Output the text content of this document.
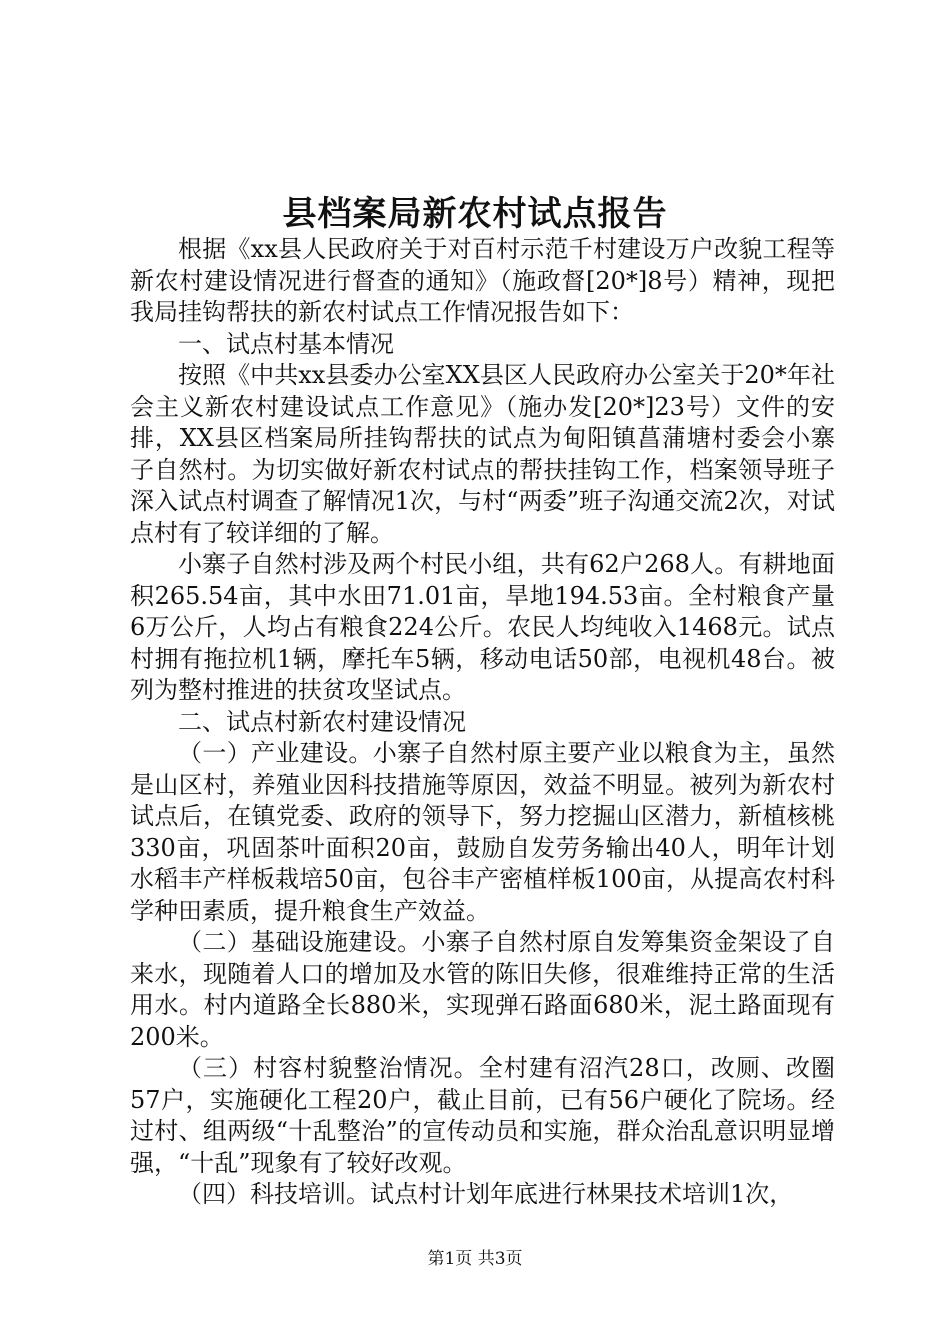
县档案局新农村试点报告

根据《xx县人民政府关于对百村示范千村建设万户改貌工程等新农村建设情况进行督查的通知》（施政督[20*]8号）精神，现把我局挂钩帮扶的新农村试点工作情况报告如下：

一、试点村基本情况

按照《中共xx县委办公室XX县区人民政府办公室关于20*年社会主义新农村建设试点工作意见》（施办发[20*]23号）文件的安排，XX县区档案局所挂钩帮扶的试点为甸阳镇菖蒲塘村委会小寨子自然村。为切实做好新农村试点的帮扶挂钩工作，档案领导班子深入试点村调查了解情况1次，与村“两委”班子沟通交流2次，对试点村有了较详细的了解。

小寨子自然村涉及两个村民小组，共有62户268人。有耕地面积265.54亩，其中水田71.01亩，旱地194.53亩。全村粮食产量6万公斤，人均占有粮食224公斤。农民人均纯收入1468元。试点村拥有拖拉机1辆，摩托车5辆，移动电话50部，电视机48台。被列为整村推进的扶贫攻坚试点。

二、试点村新农村建设情况

（一）产业建设。小寨子自然村原主要产业以粮食为主，虽然是山区村，养殖业因科技措施等原因，效益不明显。被列为新农村试点后，在镇党委、政府的领导下，努力挖掘山区潜力，新植核桃330亩，巩固茶叶面积20亩，鼓励自发劳务输出40人，明年计划水稻丰产样板栽培50亩，包谷丰产密植样板100亩，从提高农村科学种田素质，提升粮食生产效益。

（二）基础设施建设。小寨子自然村原自发筹集资金架设了自来水，现随着人口的增加及水管的陈旧失修，很难维持正常的生活用水。村内道路全长880米，实现弹石路面680米，泥土路面现有200米。

（三）村容村貌整治情况。全村建有沼汽28口，改厕、改圈57户，实施硬化工程20户，截止目前，已有56户硬化了院场。经过村、组两级“十乱整治”的宣传动员和实施，群众治乱意识明显增强，“十乱”现象有了较好改观。

（四）科技培训。试点村计划年底进行林果技术培训1次，

第1页 共3页
